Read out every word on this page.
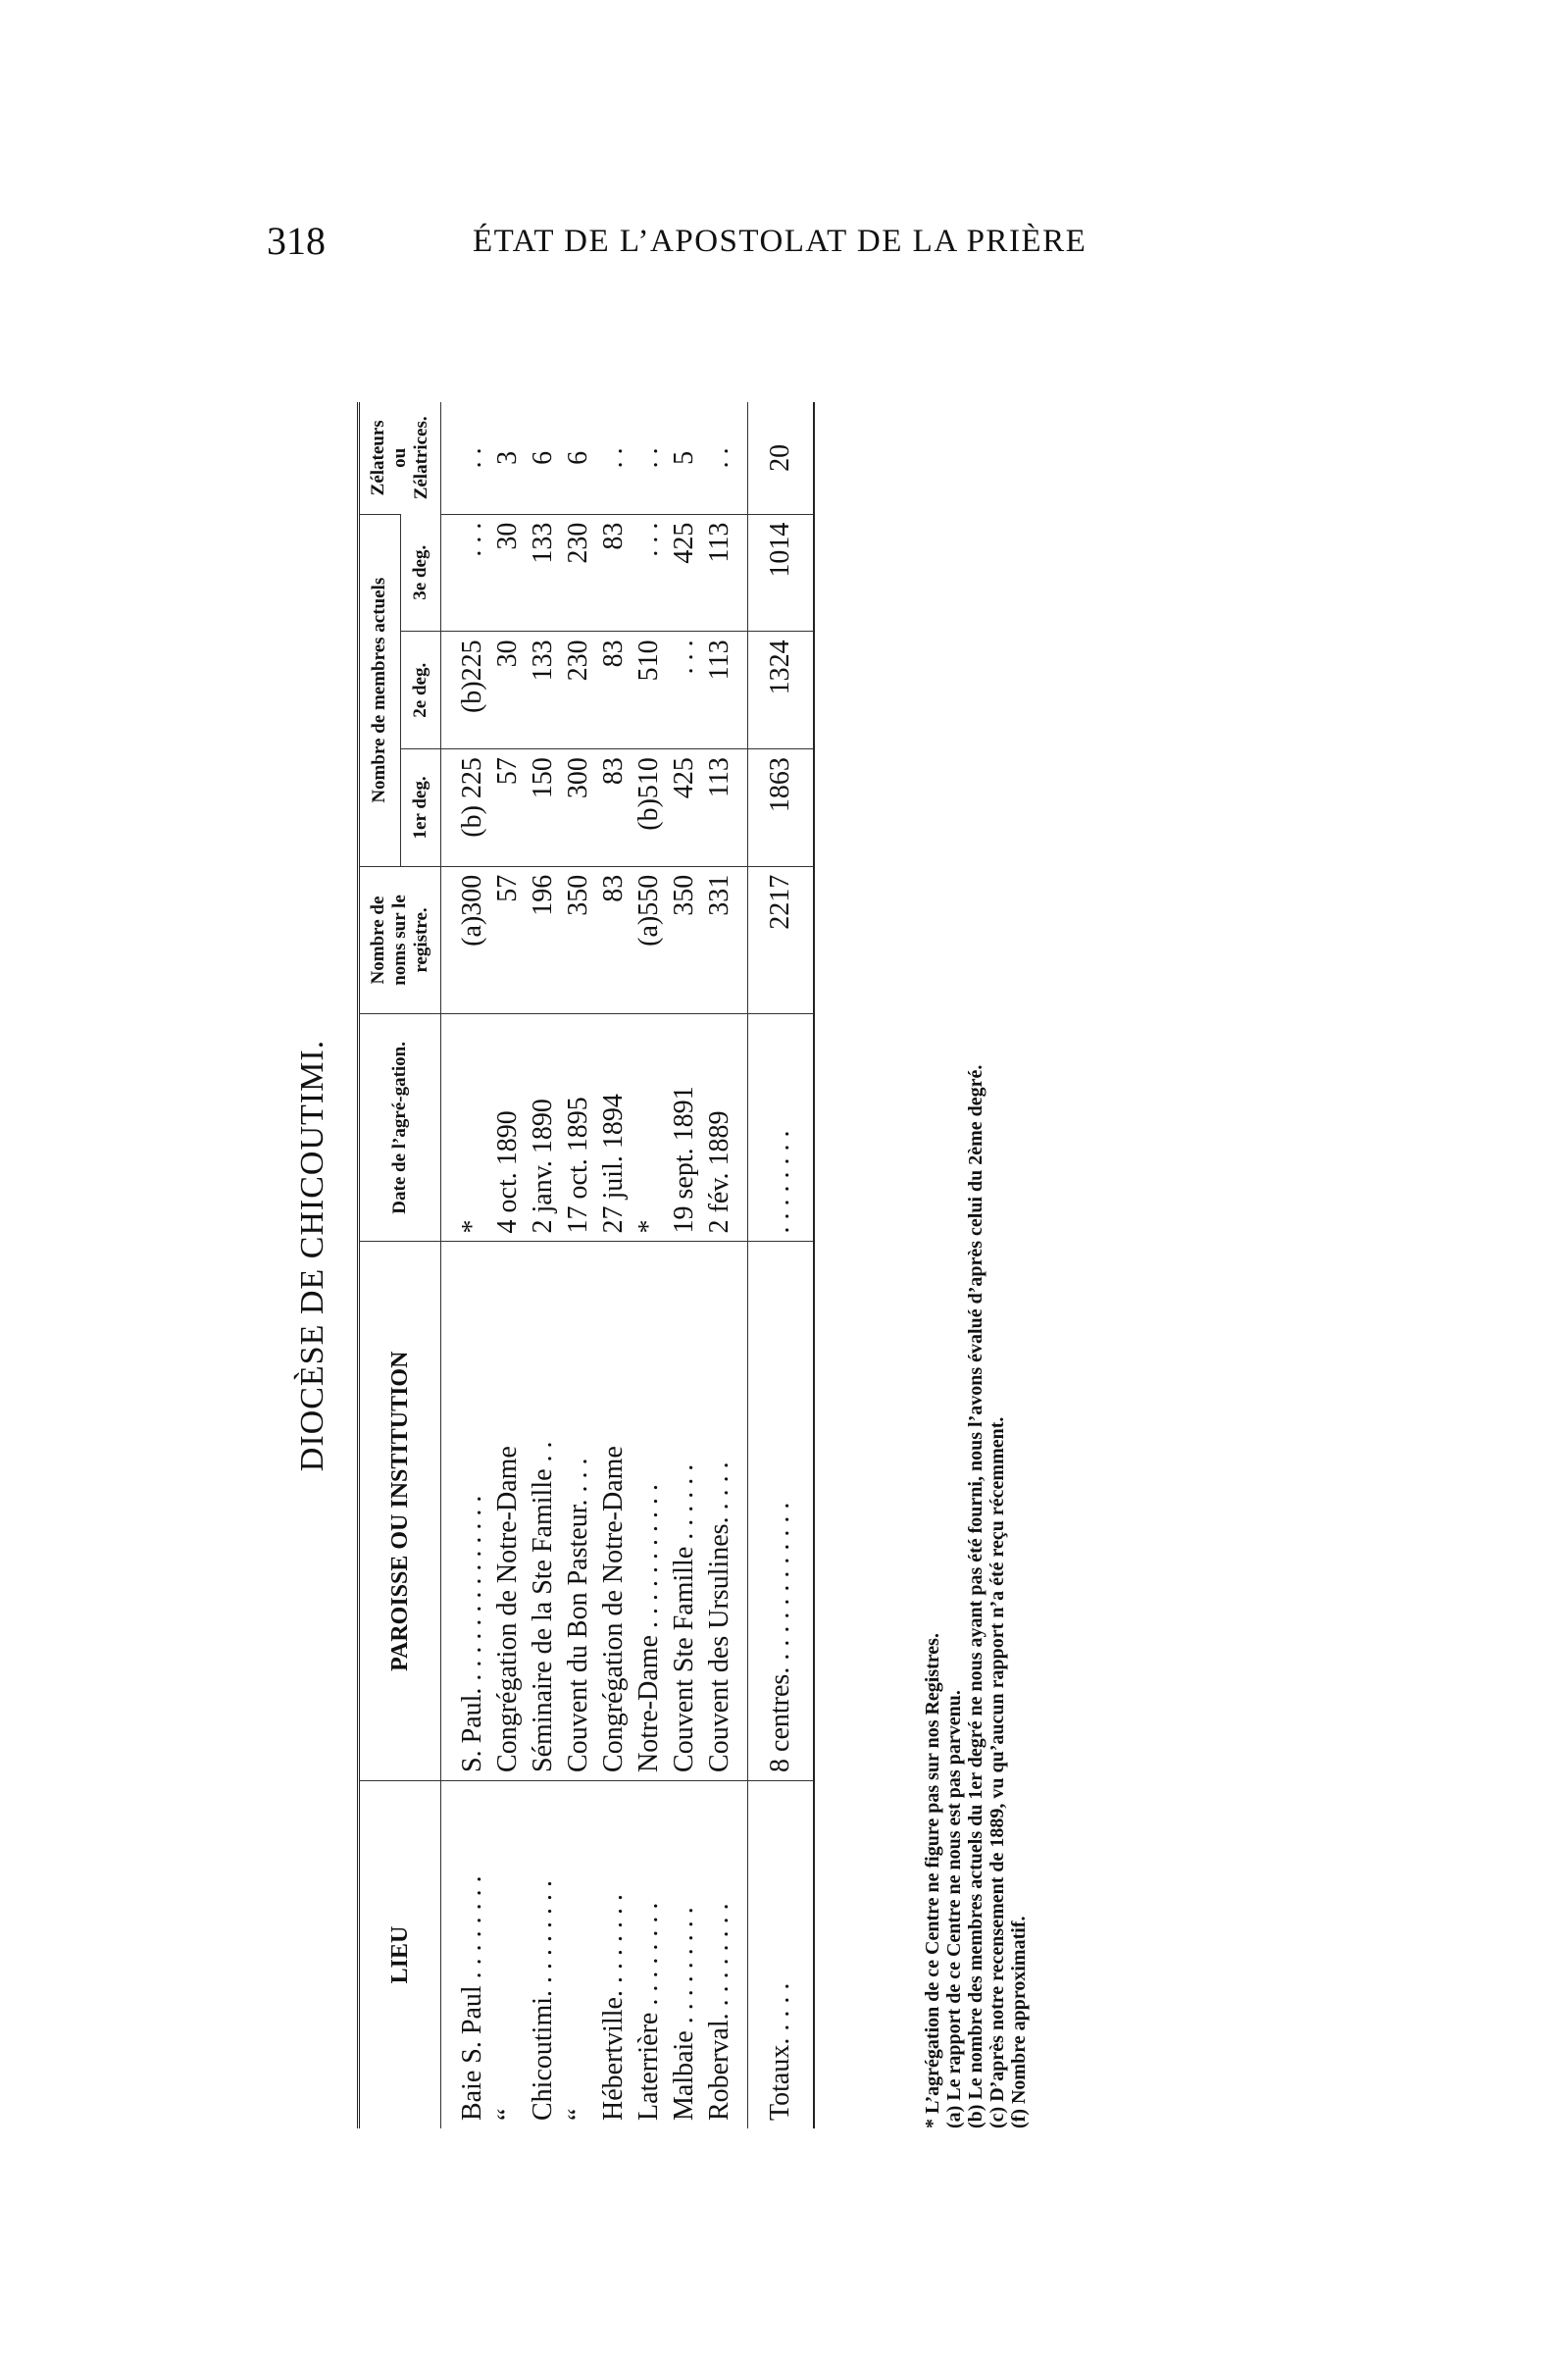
318	ÉTAT DE L’APOSTOLAT DE LA PRIÈRE
DIOCÈSE DE CHICOUTIMI.
LIEU	PAROISSE OU INSTITUTION	Date de l’agré-gation.	Nombre de noms sur le registre.	Nombre de membres actuels			Zélateurs ou Zélatrices.
				1er deg.	2e deg.	3e deg.	
Baie S. Paul . . . . . . . .	S. Paul. . . . . . . . . . . . . . .	*	(a)300	(b) 225	(b)225	. . .	. .
“	Congrégation de Notre-Dame	4 oct. 1890	57	57	30	30	3
Chicoutimi. . . . . . . . .	Séminaire de la Ste Famille . .	2 janv. 1890	196	150	133	133	6
“	Couvent du Bon Pasteur. . . .	17 oct. 1895	350	300	230	230	6
Hébertville. . . . . . . .	Congrégation de Notre-Dame	27 juil. 1894	83	83	83	83	. .
Laterrière . . . . . . . .	Notre-Dame . . . . . . . . . . .	*	(a)550	(b)510	510	. . .	. .
Malbaie . . . . . . . . .	Couvent Ste Famille . . . . . .	19 sept. 1891	350	425	. . .	425	5
Roberval. . . . . . . . .	Couvent des Ursulines. . . . .	2 fév. 1889	331	113	113	113	. .
Totaux. . . . .	8 centres. . . . . . . . . . . . .	. . . . . . . .	2217	1863	1324	1014	20
* L’agrégation de ce Centre ne figure pas sur nos Registres. (a) Le rapport de ce Centre ne nous est pas parvenu. (b) Le nombre des membres actuels du 1er degré ne nous ayant pas été fourni, nous l’avons évalué d’après celui du 2ème degré. (c) D’après notre recensement de 1889, vu qu’aucun rapport n’a été reçu récemment. (f) Nombre approximatif.
